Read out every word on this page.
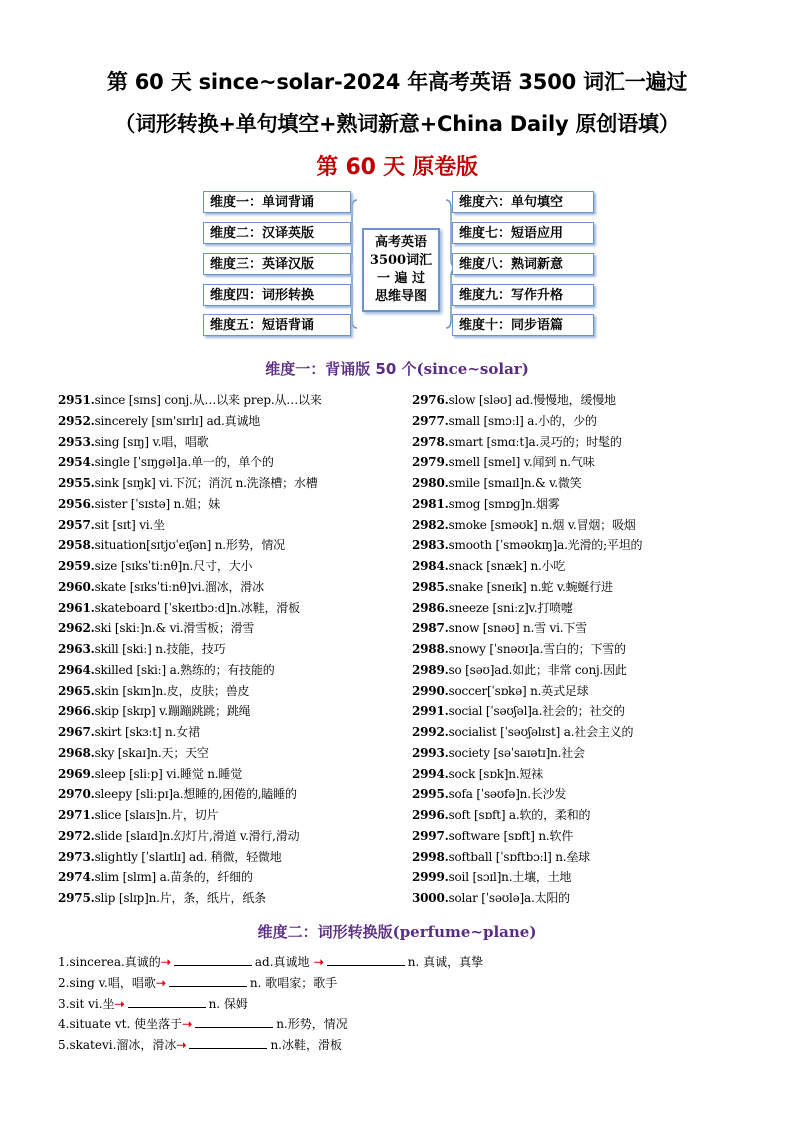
第 60 天 since~solar-2024 年高考英语 3500 词汇一遍过
（词形转换+单句填空+熟词新意+China Daily 原创语填）
第 60 天 原卷版
维度一：单词背诵
维度二：汉译英版
维度三：英译汉版
维度四：词形转换
维度五：短语背诵
维度六：单句填空
维度七：短语应用
维度八：熟词新意
维度九：写作升格
维度十：同步语篇
高考英语
3500词汇
一 遍 过
思维导图
维度一：背诵版 50 个(since~solar)
2951.since [sɪns] conj.从…以来 prep.从…以来
2952.sincerely [sɪn'sɪrlɪ] ad.真诚地
2953.sing [sɪŋ] v.唱，唱歌
2954.single [ˈsɪŋgəl]a.单一的，单个的
2955.sink [sɪŋk] vi.下沉；消沉 n.洗涤槽；水槽
2956.sister [ˈsɪstə] n.姐；妹
2957.sit [sɪt] vi.坐
2958.situation[sɪtjʊˈeɪʃən] n.形势，情况
2959.size [sɪksˈtiːnθ]n.尺寸，大小
2960.skate [sɪksˈtiːnθ]vi.溜冰，滑冰
2961.skateboard [ˈskeɪtbɔːd]n.冰鞋，滑板
2962.ski [skiː]n.& vi.滑雪板；滑雪
2963.skill [skiː] n.技能，技巧
2964.skilled [skiː] a.熟练的；有技能的
2965.skin [skɪn]n.皮，皮肤；兽皮
2966.skip [skɪp] v.蹦蹦跳跳；跳绳
2967.skirt [skɜːt] n.女裙
2968.sky [skaɪ]n.天；天空
2969.sleep [sliːp] vi.睡觉 n.睡觉
2970.sleepy [sliːpɪ]a.想睡的,困倦的,瞌睡的
2971.slice [slaɪs]n.片，切片
2972.slide [slaɪd]n.幻灯片,滑道 v.滑行,滑动
2973.slightly [ˈslaɪtlɪ] ad. 稍微，轻微地
2974.slim [slɪm] a.苗条的，纤细的
2975.slip [slɪp]n.片，条，纸片，纸条
2976.slow [sləʊ] ad.慢慢地，缓慢地
2977.small [smɔːl] a.小的，少的
2978.smart [smɑːt]a.灵巧的；时髦的
2979.smell [smel] v.闻到 n.气味
2980.smile [smaɪl]n.& v.微笑
2981.smog [smɒɡ]n.烟雾
2982.smoke [sməʊk] n.烟 v.冒烟；吸烟
2983.smooth [ˈsməʊkɪŋ]a.光滑的;平坦的
2984.snack [snæk] n.小吃
2985.snake [sneɪk] n.蛇 v.蜿蜒行进
2986.sneeze [sniːz]v.打喷嚏
2987.snow [snəʊ] n.雪 vi.下雪
2988.snowy [ˈsnəʊɪ]a.雪白的；下雪的
2989.so [səʊ]ad.如此；非常 conj.因此
2990.soccer[ˈsɒkə] n.英式足球
2991.social [ˈsəʊʃəl]a.社会的；社交的
2992.socialist [ˈsəʊʃəlɪst] a.社会主义的
2993.society [səˈsaɪətɪ]n.社会
2994.sock [sɒk]n.短袜
2995.sofa [ˈsəʊfə]n.长沙发
2996.soft [sɒft] a.软的，柔和的
2997.software [sɒft] n.软件
2998.softball [ˈsɒftbɔːl] n.垒球
2999.soil [sɔɪl]n.土壤，土地
3000.solar [ˈsəʊlə]a.太阳的
维度二：词形转换版(perfume~plane)
1.sincerea.真诚的➝	ad.真诚地 ➝	n. 真诚，真挚
2.sing v.唱，唱歌➝	n. 歌唱家；歌手
3.sit vi.坐➝	n. 保姆
4.situate vt. 使坐落于➝	n.形势，情况
5.skatevi.溜冰，滑冰➝	n.冰鞋，滑板
